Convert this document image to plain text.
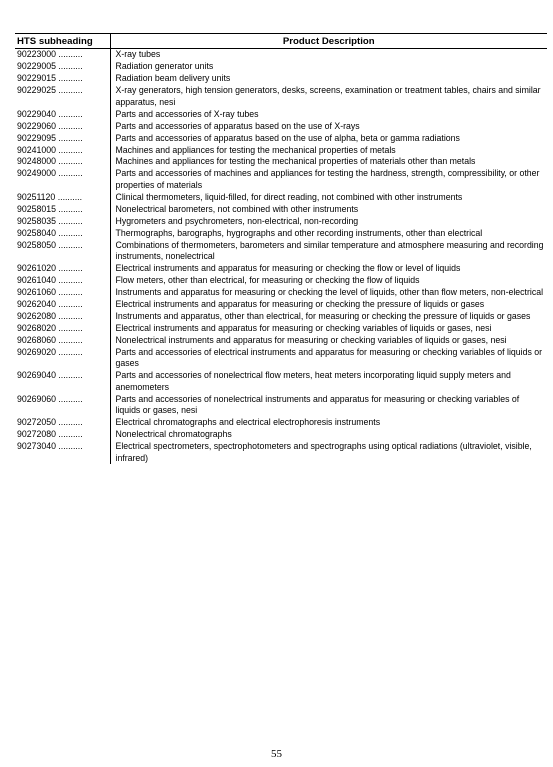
HTS subheading	Product Description
90223000 ..........	X-ray tubes
90229005 ..........	Radiation generator units
90229015 ..........	Radiation beam delivery units
90229025 ..........	X-ray generators, high tension generators, desks, screens, examination or treatment tables, chairs and similar apparatus, nesi
90229040 ..........	Parts and accessories of X-ray tubes
90229060 ..........	Parts and accessories of apparatus based on the use of X-rays
90229095 ..........	Parts and accessories of apparatus based on the use of alpha, beta or gamma radiations
90241000 ..........	Machines and appliances for testing the mechanical properties of metals
90248000 ..........	Machines and appliances for testing the mechanical properties of materials other than metals
90249000 ..........	Parts and accessories of machines and appliances for testing the hardness, strength, compressibility, or other properties of materials
90251120 ..........	Clinical thermometers, liquid-filled, for direct reading, not combined with other instruments
90258015 ..........	Nonelectrical barometers, not combined with other instruments
90258035 ..........	Hygrometers and psychrometers, non-electrical, non-recording
90258040 ..........	Thermographs, barographs, hygrographs and other recording instruments, other than electrical
90258050 ..........	Combinations of thermometers, barometers and similar temperature and atmosphere measuring and recording instruments, nonelectrical
90261020 ..........	Electrical instruments and apparatus for measuring or checking the flow or level of liquids
90261040 ..........	Flow meters, other than electrical, for measuring or checking the flow of liquids
90261060 ..........	Instruments and apparatus for measuring or checking the level of liquids, other than flow meters, non-electrical
90262040 ..........	Electrical instruments and apparatus for measuring or checking the pressure of liquids or gases
90262080 ..........	Instruments and apparatus, other than electrical, for measuring or checking the pressure of liquids or gases
90268020 ..........	Electrical instruments and apparatus for measuring or checking variables of liquids or gases, nesi
90268060 ..........	Nonelectrical instruments and apparatus for measuring or checking variables of liquids or gases, nesi
90269020 ..........	Parts and accessories of electrical instruments and apparatus for measuring or checking variables of liquids or gases
90269040 ..........	Parts and accessories of nonelectrical flow meters, heat meters incorporating liquid supply meters and anemometers
90269060 ..........	Parts and accessories of nonelectrical instruments and apparatus for measuring or checking variables of liquids or gases, nesi
90272050 ..........	Electrical chromatographs and electrical electrophoresis instruments
90272080 ..........	Nonelectrical chromatographs
90273040 ..........	Electrical spectrometers, spectrophotometers and spectrographs using optical radiations (ultraviolet, visible, infrared)
55
